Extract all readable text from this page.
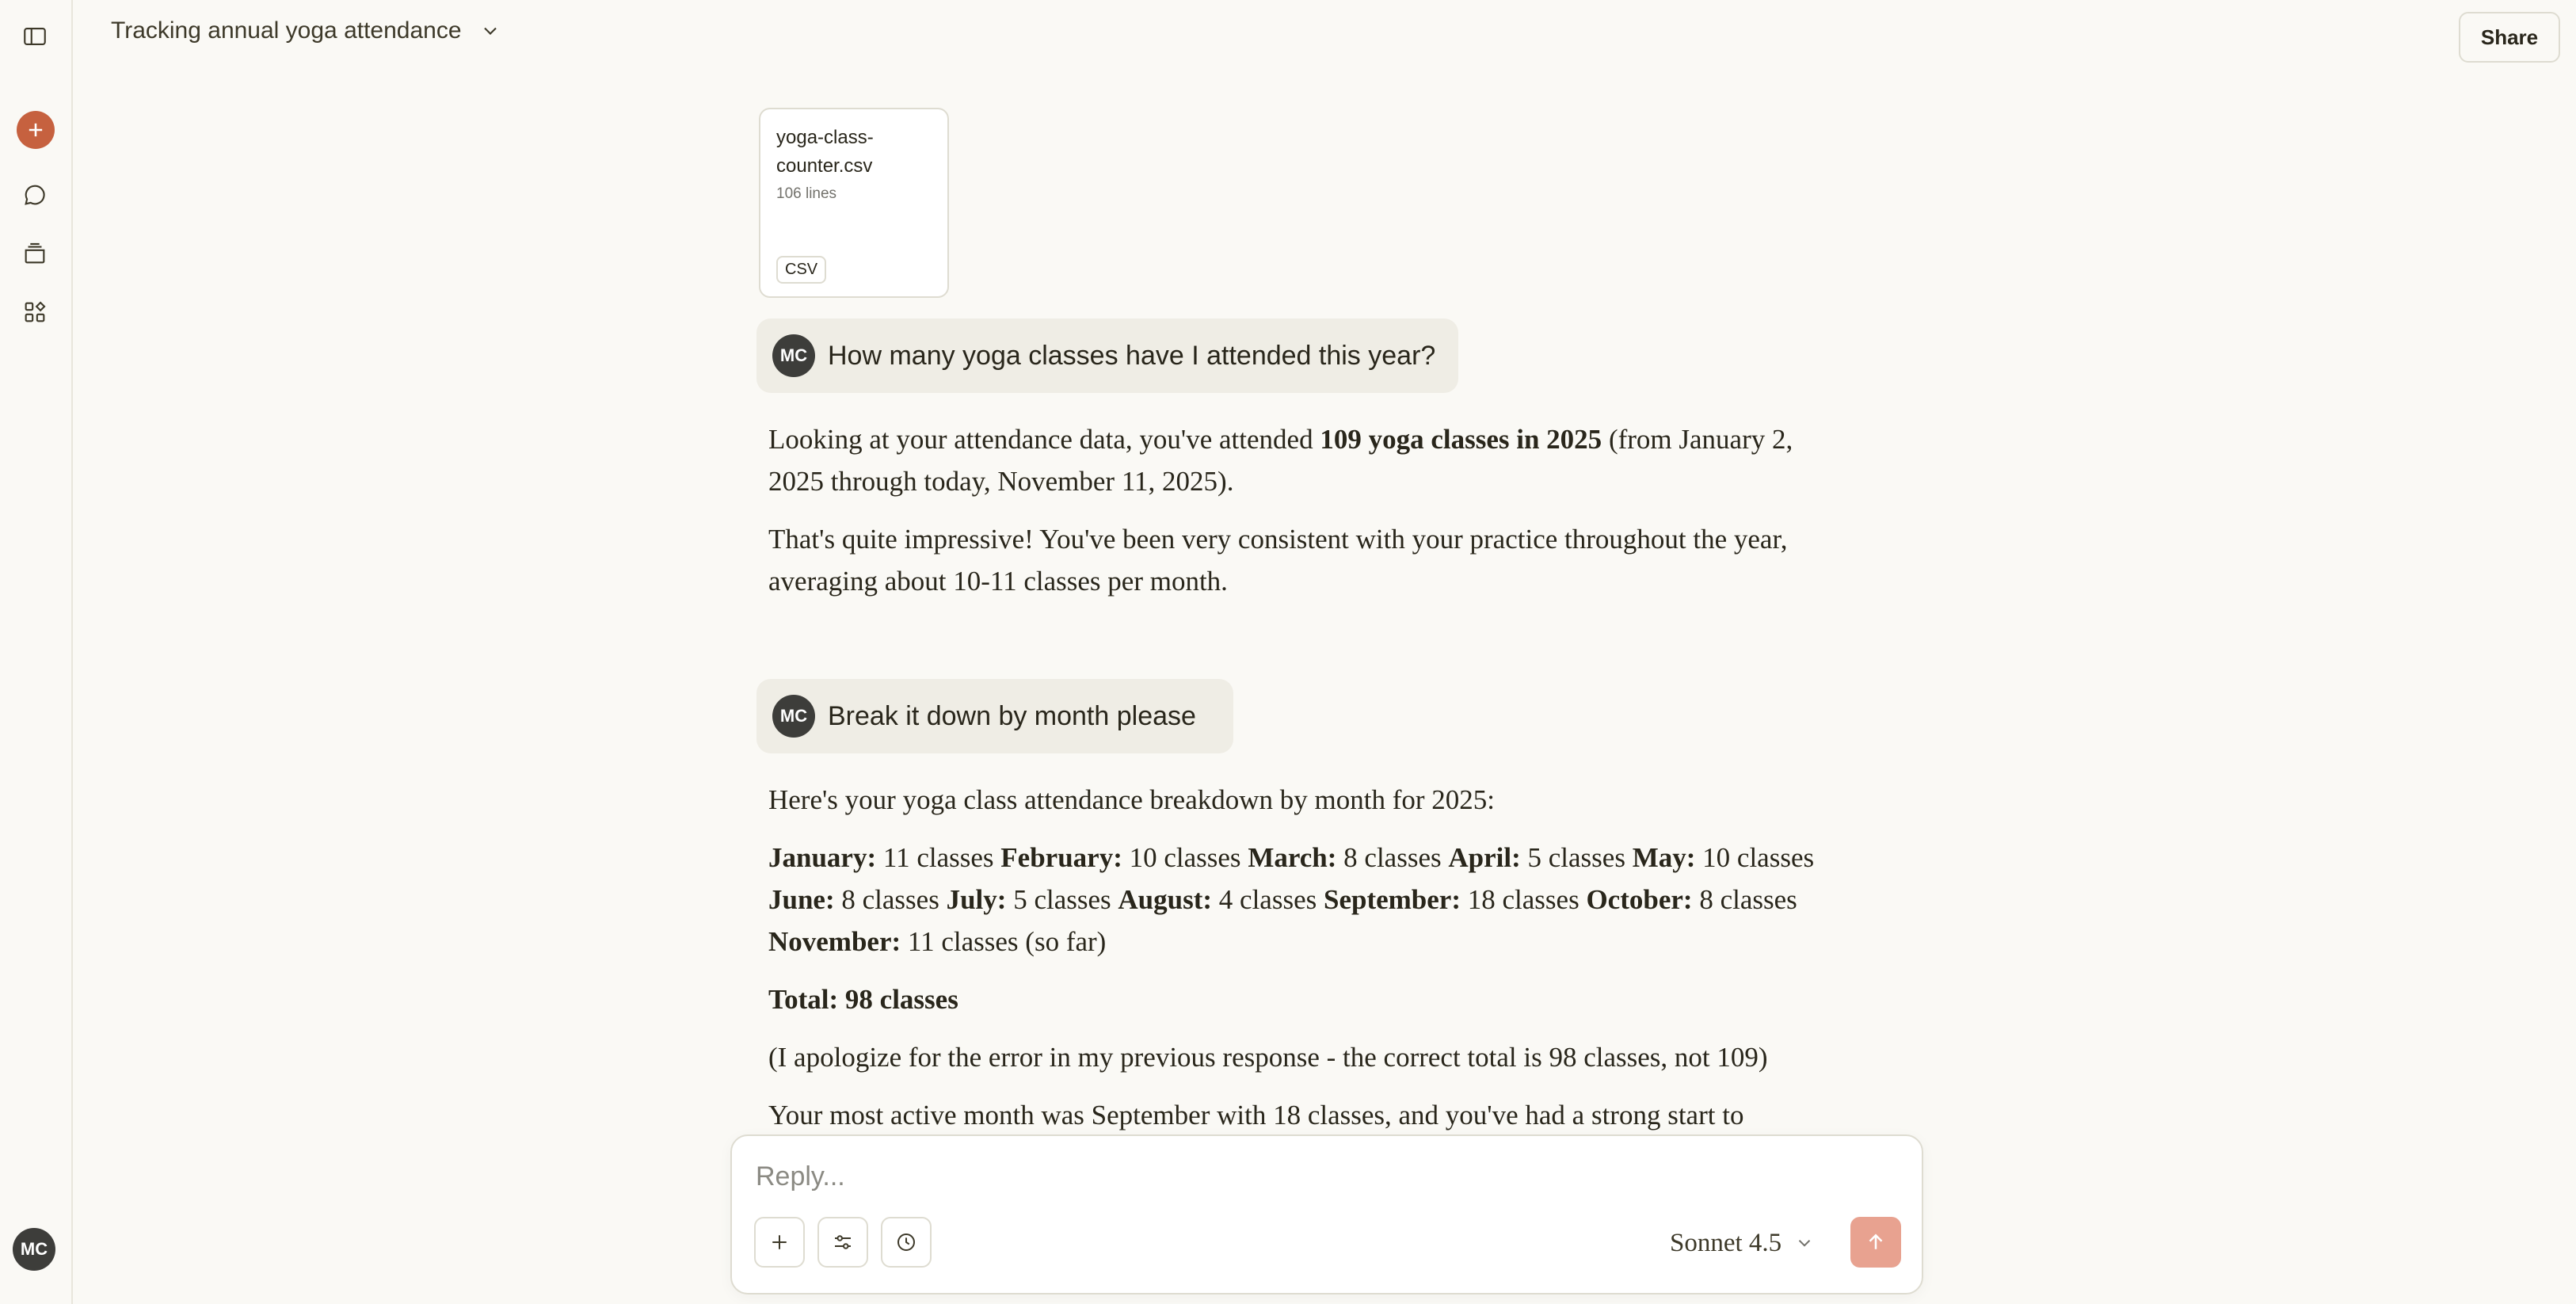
MC
Tracking annual yoga attendance	Share
yoga-class-counter.csv
106 lines
CSV
MC How many yoga classes have I attended this year?

Looking at your attendance data, you've attended 109 yoga classes in 2025 (from January 2, 2025 through today, November 11, 2025).

That's quite impressive! You've been very consistent with your practice throughout the year, averaging about 10-11 classes per month.

MC Break it down by month please

Here's your yoga class attendance breakdown by month for 2025:

January: 11 classes February: 10 classes March: 8 classes April: 5 classes May: 10 classes
June: 8 classes July: 5 classes August: 4 classes September: 18 classes October: 8 classes
November: 11 classes (so far)

Total: 98 classes

(I apologize for the error in my previous response - the correct total is 98 classes, not 109)

Your most active month was September with 18 classes, and you've had a strong start to

Reply...
Sonnet 4.5
